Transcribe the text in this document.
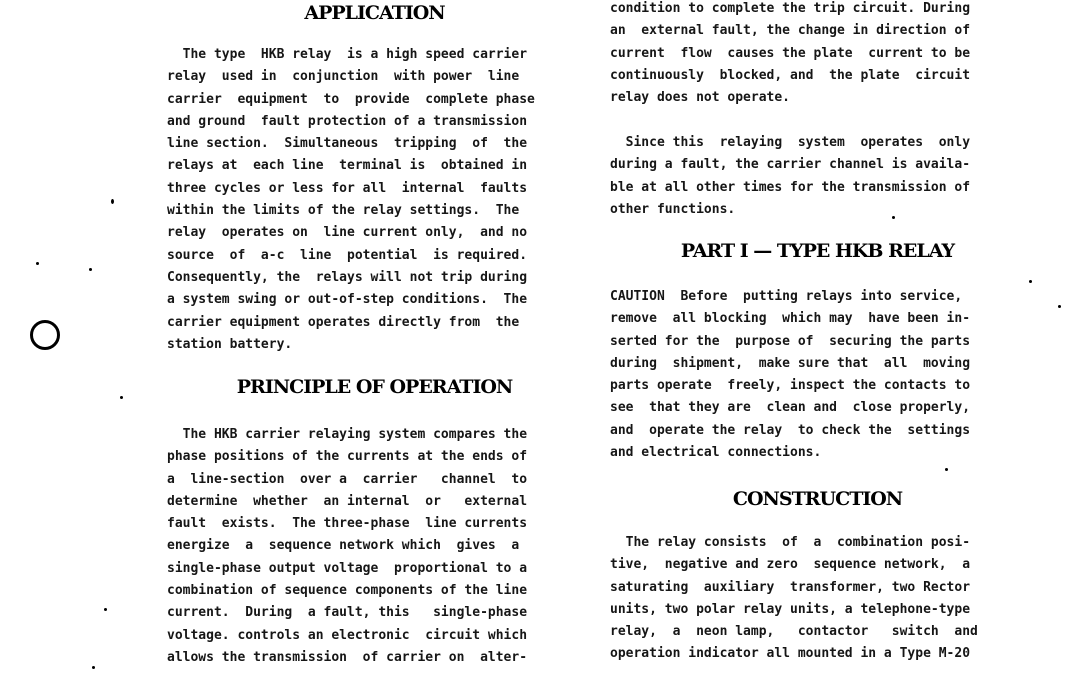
APPLICATION
The type  HKB relay  is a high speed carrier
relay  used in  conjunction  with power  line
carrier  equipment  to  provide  complete phase
and ground  fault protection of a transmission
line section.  Simultaneous  tripping  of  the
relays at  each line  terminal is  obtained in
three cycles or less for all  internal  faults
within the limits of the relay settings.  The
relay  operates on  line current only,  and no
source  of  a-c  line  potential  is required.
Consequently, the  relays will not trip during
a system swing or out-of-step conditions.  The
carrier equipment operates directly from  the
station battery.
PRINCIPLE OF OPERATION
The HKB carrier relaying system compares the
phase positions of the currents at the ends of
a  line-section  over a  carrier   channel  to
determine  whether  an internal  or   external
fault  exists.  The three-phase  line currents
energize  a  sequence network which  gives  a
single-phase output voltage  proportional to a
combination of sequence components of the line
current.  During  a fault, this   single-phase
voltage. controls an electronic  circuit which
allows the transmission  of carrier on  alter-
condition to complete the trip circuit. During
an  external fault, the change in direction of
current  flow  causes the plate  current to be
continuously  blocked, and  the plate  circuit
relay does not operate.
Since this  relaying  system  operates  only
during a fault, the carrier channel is availa-
ble at all other times for the transmission of
other functions.
PART I — TYPE HKB RELAY
CAUTION  Before  putting relays into service,
remove  all blocking  which may  have been in-
serted for the  purpose of  securing the parts
during  shipment,  make sure that  all  moving
parts operate  freely, inspect the contacts to
see  that they are  clean and  close properly,
and  operate the relay  to check the  settings
and electrical connections.
CONSTRUCTION
The relay consists  of  a  combination posi-
tive,  negative and zero  sequence network,  a
saturating  auxiliary  transformer, two Rector
units, two polar relay units, a telephone-type
relay,  a  neon lamp,   contactor   switch  and
operation indicator all mounted in a Type M-20
